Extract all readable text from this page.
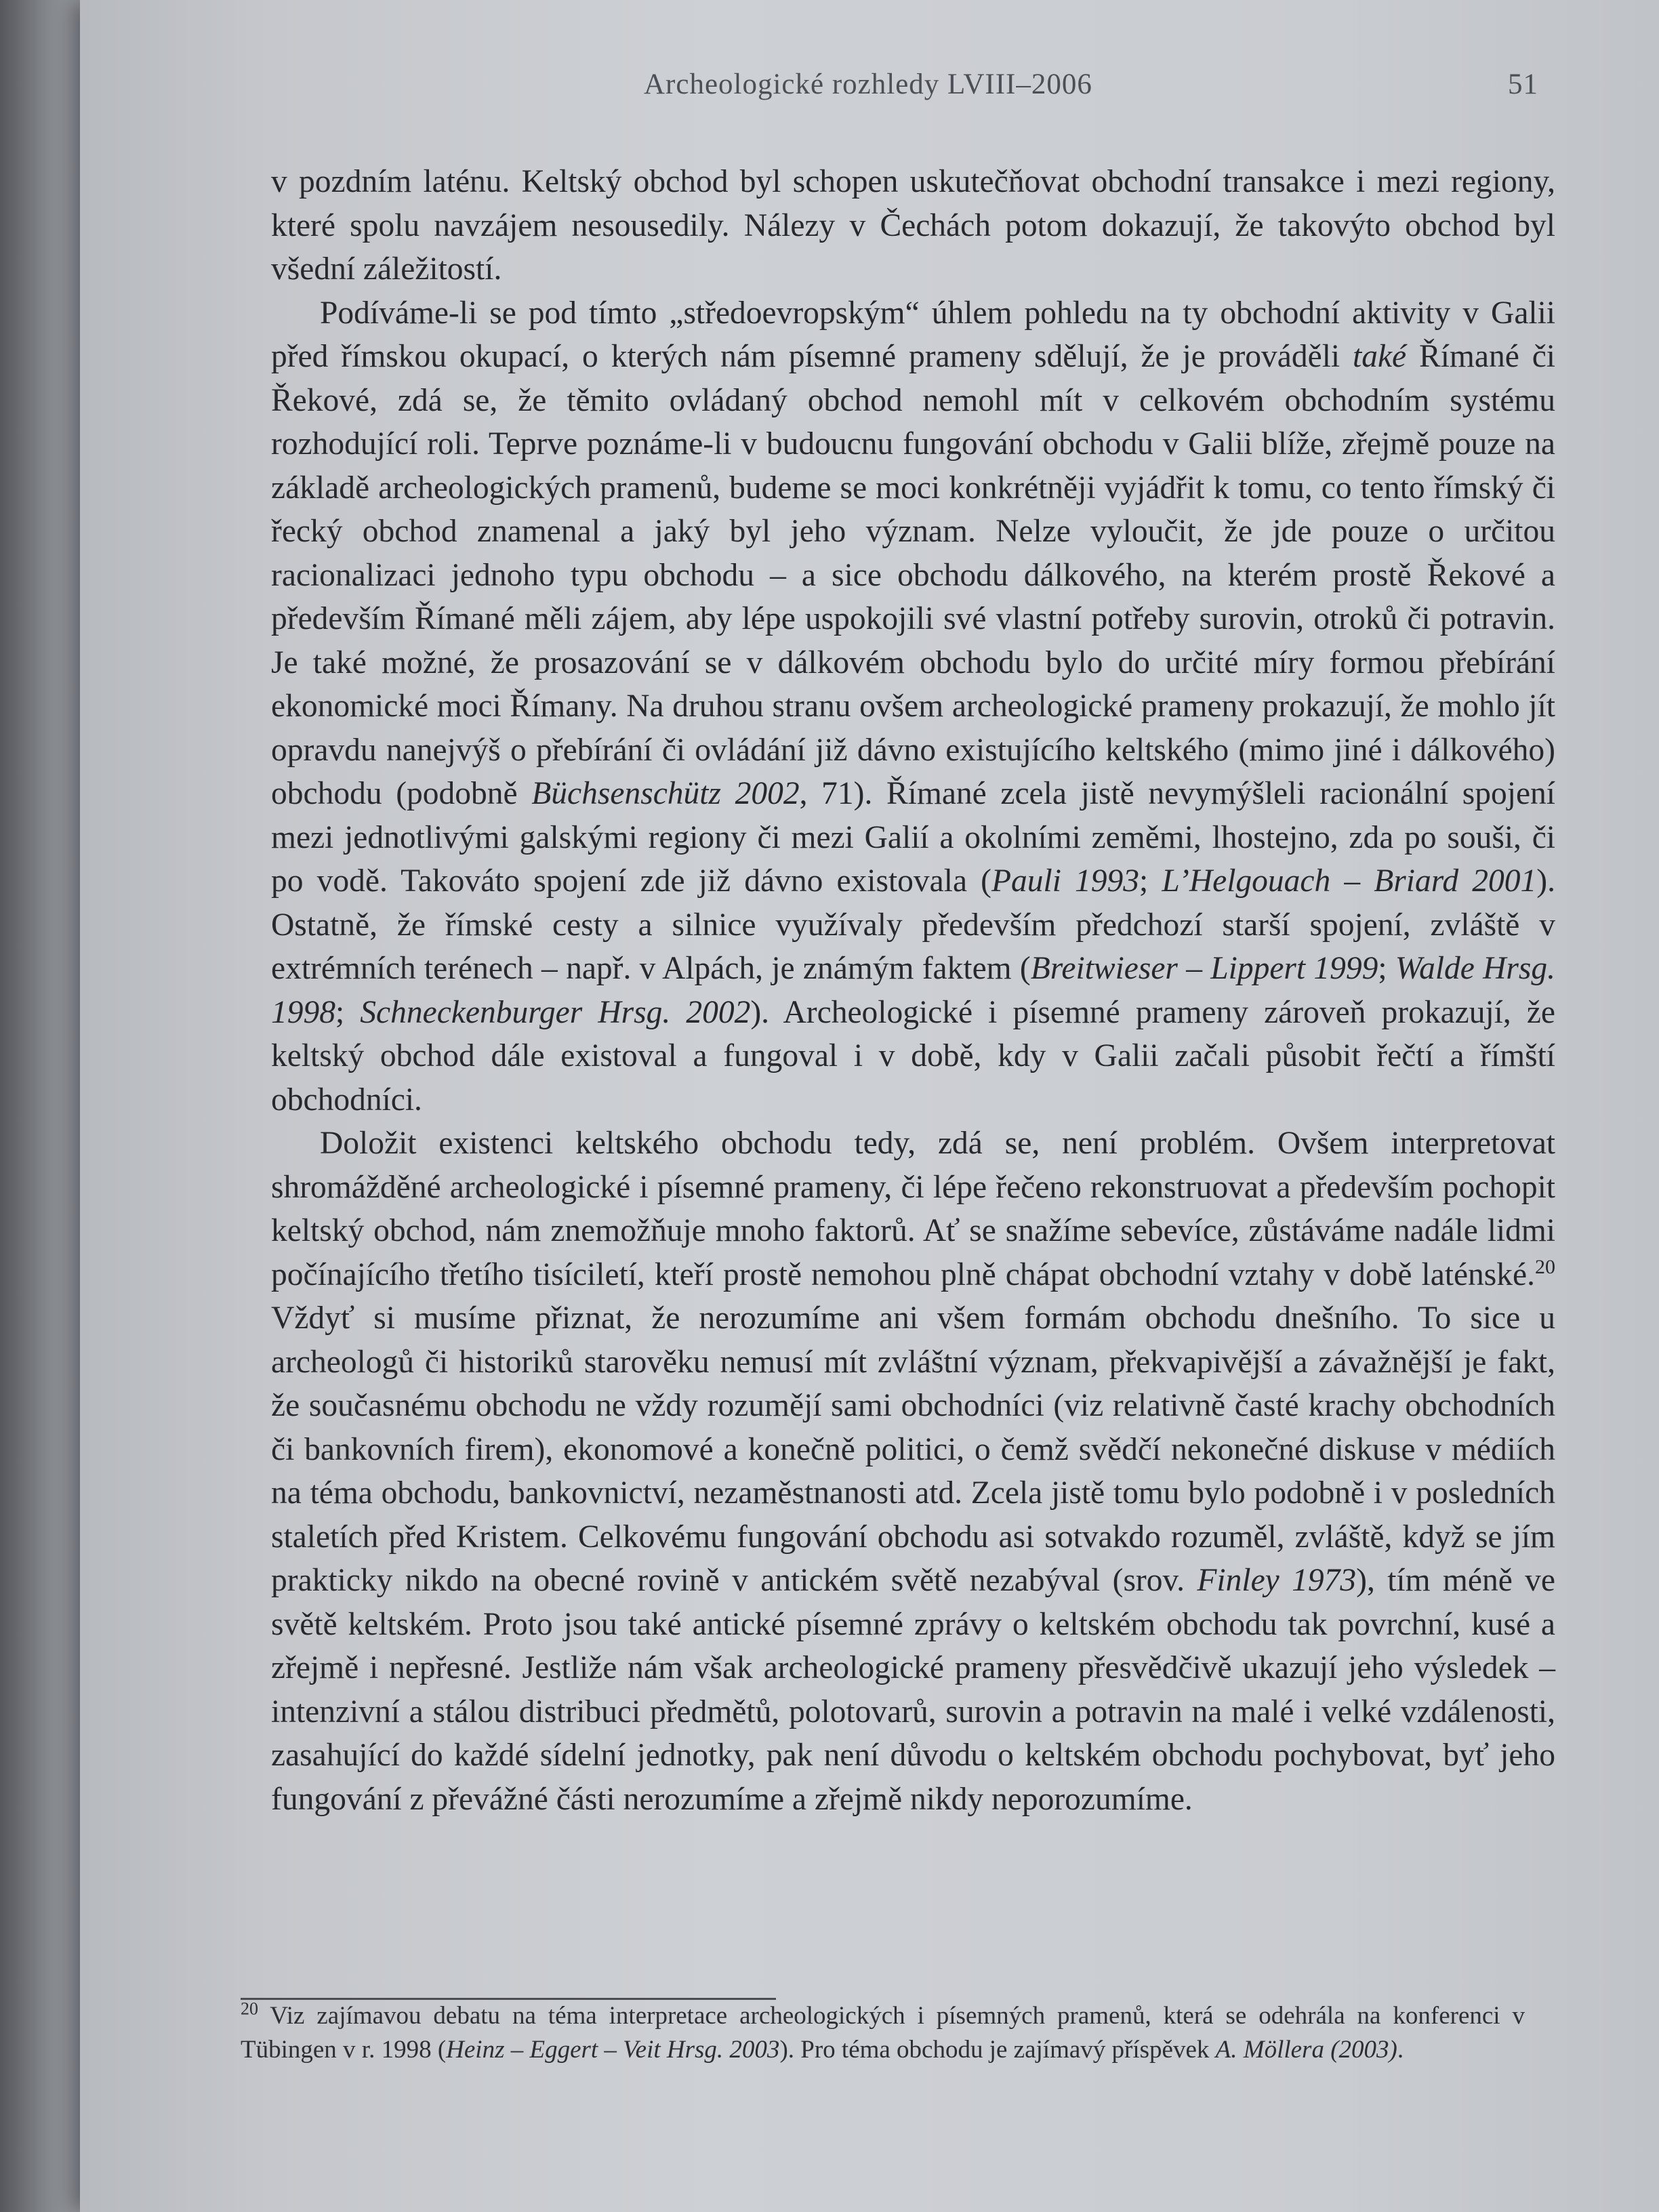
Archeologické rozhledy LVIII–2006	51

v pozdním laténu. Keltský obchod byl schopen uskutečňovat obchodní transakce i mezi regiony, které spolu navzájem nesousedily. Nálezy v Čechách potom dokazují, že takovýto obchod byl všední záležitostí.

Podíváme-li se pod tímto „středoevropským“ úhlem pohledu na ty obchodní aktivity v Galii před římskou okupací, o kterých nám písemné prameny sdělují, že je prováděli také Římané či Řekové, zdá se, že těmito ovládaný obchod nemohl mít v celkovém obchodním systému rozhodující roli. Teprve poznáme-li v budoucnu fungování obchodu v Galii blíže, zřejmě pouze na základě archeologických pramenů, budeme se moci konkrétněji vyjádřit k tomu, co tento římský či řecký obchod znamenal a jaký byl jeho význam. Nelze vyloučit, že jde pouze o určitou racionalizaci jednoho typu obchodu – a sice obchodu dálkového, na kterém prostě Řekové a především Římané měli zájem, aby lépe uspokojili své vlastní potřeby surovin, otroků či potravin. Je také možné, že prosazování se v dálkovém obchodu bylo do určité míry formou přebírání ekonomické moci Římany. Na druhou stranu ovšem archeologické prameny prokazují, že mohlo jít opravdu nanejvýš o přebírání či ovládání již dávno existujícího keltského (mimo jiné i dálkového) obchodu (podobně Büchsenschütz 2002, 71). Římané zcela jistě nevymýšleli racionální spojení mezi jednotlivými galskými regiony či mezi Galií a okolními zeměmi, lhostejno, zda po souši, či po vodě. Takováto spojení zde již dávno existovala (Pauli 1993; L’Helgouach – Briard 2001). Ostatně, že římské cesty a silnice využívaly především předchozí starší spojení, zvláště v extrémních terénech – např. v Alpách, je známým faktem (Breitwieser – Lippert 1999; Walde Hrsg. 1998; Schneckenburger Hrsg. 2002). Archeologické i písemné prameny zároveň prokazují, že keltský obchod dále existoval a fungoval i v době, kdy v Galii začali působit řečtí a římští obchodníci.

Doložit existenci keltského obchodu tedy, zdá se, není problém. Ovšem interpretovat shromážděné archeologické i písemné prameny, či lépe řečeno rekonstruovat a především pochopit keltský obchod, nám znemožňuje mnoho faktorů. Ať se snažíme sebevíce, zůstáváme nadále lidmi počínajícího třetího tisíciletí, kteří prostě nemohou plně chápat obchodní vztahy v době laténské.$^{20}$ Vždyť si musíme přiznat, že nerozumíme ani všem formám obchodu dnešního. To sice u archeologů či historiků starověku nemusí mít zvláštní význam, překvapivější a závažnější je fakt, že současnému obchodu ne vždy rozumějí sami obchodníci (viz relativně časté krachy obchodních či bankovních firem), ekonomové a konečně politici, o čemž svědčí nekonečné diskuse v médiích na téma obchodu, bankovnictví, nezaměstnanosti atd. Zcela jistě tomu bylo podobně i v posledních staletích před Kristem. Celkovému fungování obchodu asi sotvakdo rozuměl, zvláště, když se jím prakticky nikdo na obecné rovině v antickém světě nezabýval (srov. Finley 1973), tím méně ve světě keltském. Proto jsou také antické písemné zprávy o keltském obchodu tak povrchní, kusé a zřejmě i nepřesné. Jestliže nám však archeologické prameny přesvědčivě ukazují jeho výsledek – intenzivní a stálou distribuci předmětů, polotovarů, surovin a potravin na malé i velké vzdálenosti, zasahující do každé sídelní jednotky, pak není důvodu o keltském obchodu pochybovat, byť jeho fungování z převážné části nerozumíme a zřejmě nikdy neporozumíme.

$^{20}$ Viz zajímavou debatu na téma interpretace archeologických i písemných pramenů, která se odehrála na konferenci v Tübingen v r. 1998 (Heinz – Eggert – Veit Hrsg. 2003). Pro téma obchodu je zajímavý příspěvek A. Möllera (2003).
